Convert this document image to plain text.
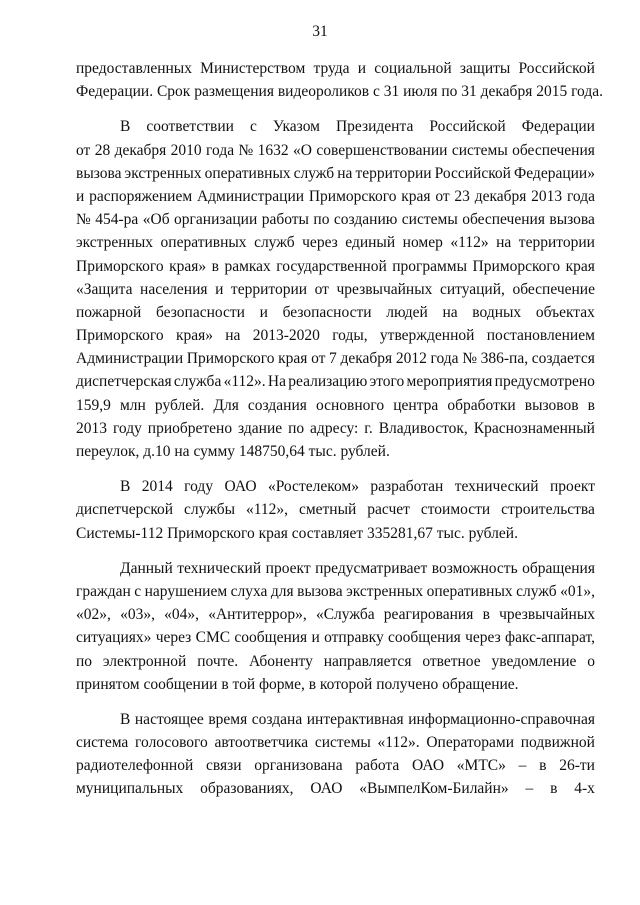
31
предоставленных Министерством труда и социальной защиты Российской
Федерации. Срок размещения видеороликов с 31 июля по 31 декабря 2015 года.
В соответствии с Указом Президента Российской Федерации
от 28 декабря 2010 года № 1632 «О совершенствовании системы обеспечения
вызова экстренных оперативных служб на территории Российской Федерации»
и распоряжением Администрации Приморского края от 23 декабря 2013 года
№ 454-ра «Об организации работы по созданию системы обеспечения вызова
экстренных оперативных служб через единый номер «112» на территории
Приморского края» в рамках государственной программы Приморского края
«Защита населения и территории от чрезвычайных ситуаций, обеспечение
пожарной безопасности и безопасности людей на водных объектах
Приморского края» на 2013-2020 годы, утвержденной постановлением
Администрации Приморского края от 7 декабря 2012 года № 386-па, создается
диспетчерская служба «112». На реализацию этого мероприятия предусмотрено
159,9 млн рублей. Для создания основного центра обработки вызовов в
2013 году приобретено здание по адресу: г. Владивосток, Краснознаменный
переулок, д.10 на сумму 148750,64 тыс. рублей.
В 2014 году ОАО «Ростелеком» разработан технический проект
диспетчерской службы «112», сметный расчет стоимости строительства
Системы-112 Приморского края составляет 335281,67 тыс. рублей.
Данный технический проект предусматривает возможность обращения
граждан с нарушением слуха для вызова экстренных оперативных служб «01»,
«02», «03», «04», «Антитеррор», «Служба реагирования в чрезвычайных
ситуациях» через СМС сообщения и отправку сообщения через факс-аппарат,
по электронной почте. Абоненту направляется ответное уведомление о
принятом сообщении в той форме, в которой получено обращение.
В настоящее время создана интерактивная информационно-справочная
система голосового автоответчика системы «112». Операторами подвижной
радиотелефонной связи организована работа ОАО «МТС» – в 26-ти
муниципальных образованиях, ОАО «ВымпелКом-Билайн» – в 4-х
